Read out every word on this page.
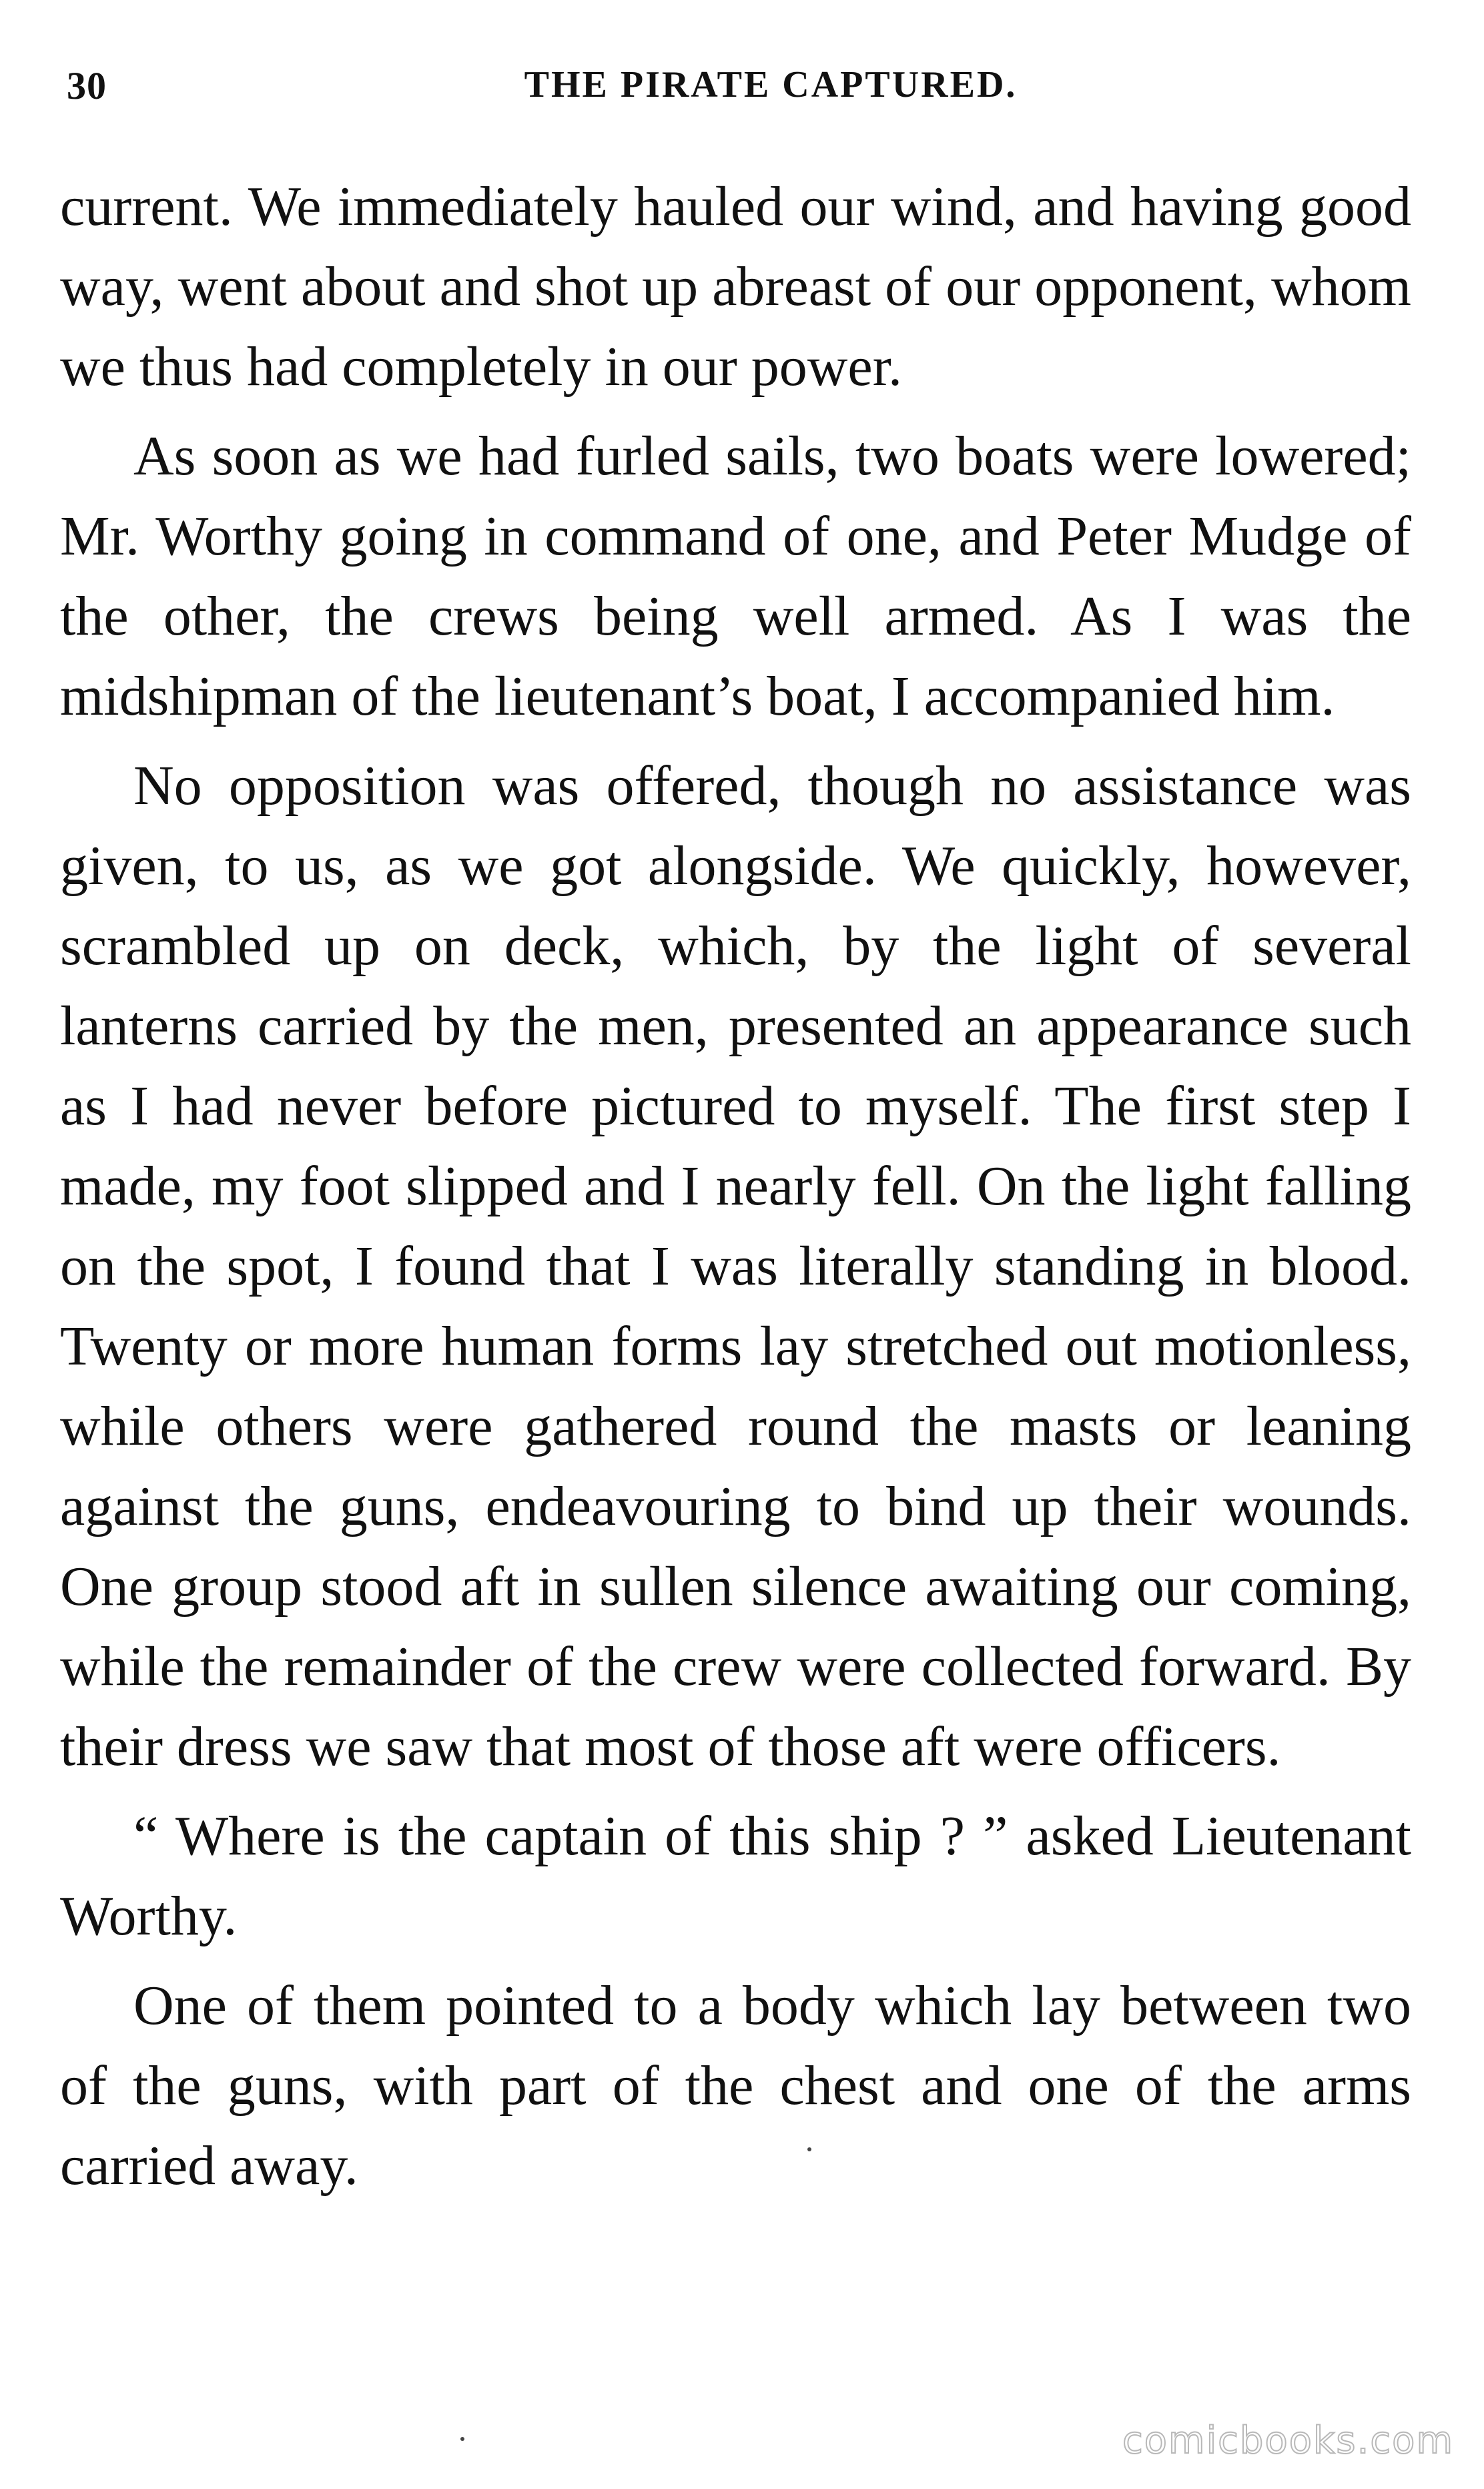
30	THE PIRATE CAPTURED.

current. We immediately hauled our wind, and having good way, went about and shot up abreast of our opponent, whom we thus had completely in our power.

As soon as we had furled sails, two boats were lowered; Mr. Worthy going in command of one, and Peter Mudge of the other, the crews being well armed. As I was the midshipman of the lieutenant’s boat, I accompanied him.

No opposition was offered, though no assistance was given, to us, as we got alongside. We quickly, however, scrambled up on deck, which, by the light of several lanterns carried by the men, presented an appearance such as I had never before pictured to myself. The first step I made, my foot slipped and I nearly fell. On the light falling on the spot, I found that I was literally standing in blood. Twenty or more human forms lay stretched out motionless, while others were gathered round the masts or leaning against the guns, endeavouring to bind up their wounds. One group stood aft in sullen silence awaiting our coming, while the remainder of the crew were collected forward. By their dress we saw that most of those aft were officers.

“ Where is the captain of this ship ? ” asked Lieutenant Worthy.

One of them pointed to a body which lay between two of the guns, with part of the chest and one of the arms carried away.

comicbooks.com
